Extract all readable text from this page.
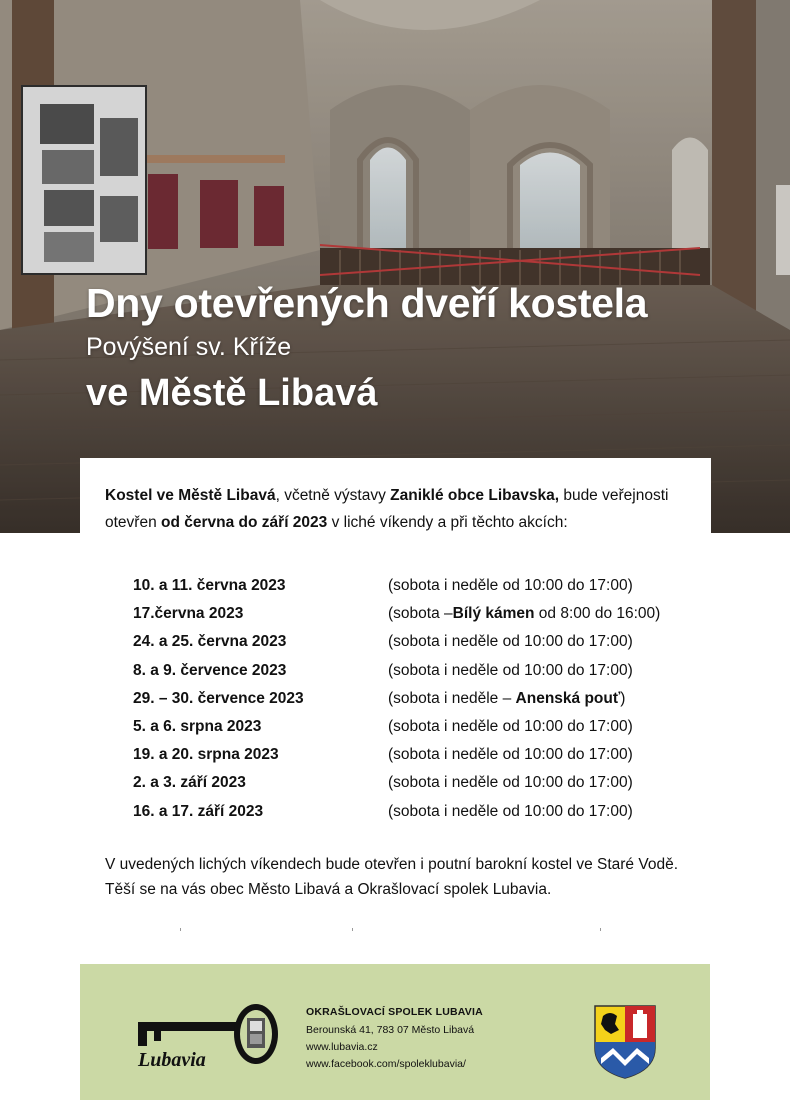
Dny otevřených dveří kostela
Povýšení sv. Kříže
ve Městě Libavá

Kostel ve Městě Libavá, včetně výstavy Zaniklé obce Libavska, bude veřejnosti otevřen od června do září 2023 v liché víkendy a při těchto akcích:

10. a 11. června 2023	(sobota i neděle od 10:00 do 17:00)
17.června 2023	(sobota –Bílý kámen od 8:00 do 16:00)
24. a 25. června 2023	(sobota i neděle od 10:00 do 17:00)
8. a 9. července 2023	(sobota i neděle od 10:00 do 17:00)
29. – 30. července 2023	(sobota i neděle – Anenská pouť)
5. a 6. srpna 2023	(sobota i neděle od 10:00 do 17:00)
19. a 20. srpna 2023	(sobota i neděle od 10:00 do 17:00)
2. a 3. září 2023	(sobota i neděle od 10:00 do 17:00)
16. a 17. září 2023	(sobota i neděle od 10:00 do 17:00)

V uvedených lichých víkendech bude otevřen i poutní barokní kostel ve Staré Vodě. Těší se na vás obec Město Libavá a Okrašlovací spolek Lubavia.

Lubavia
OKRAŠLOVACÍ SPOLEK LUBAVIA
Berounská 41, 783 07 Město Libavá
www.lubavia.cz
www.facebook.com/spoleklubavia/
